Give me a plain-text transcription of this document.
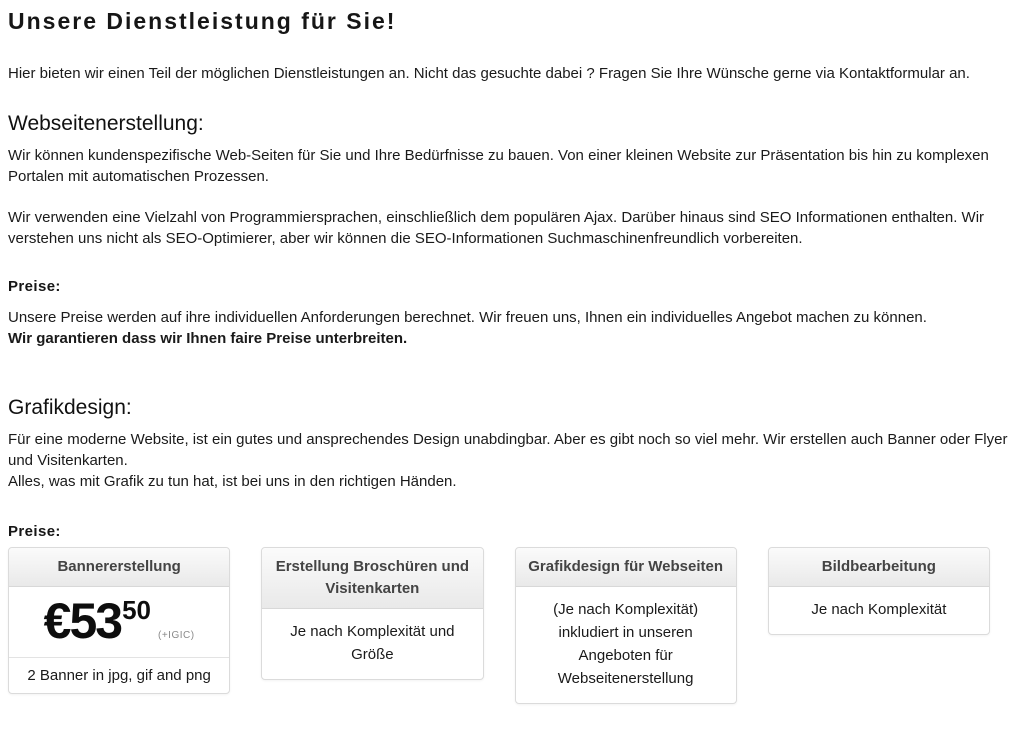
Unsere Dienstleistung für Sie!

Hier bieten wir einen Teil der möglichen Dienstleistungen an. Nicht das gesuchte dabei ? Fragen Sie Ihre Wünsche gerne via Kontaktformular an.

Webseitenerstellung:

Wir können kundenspezifische Web-Seiten für Sie und Ihre Bedürfnisse zu bauen. Von einer kleinen Website zur Präsentation bis hin zu komplexen Portalen mit automatischen Prozessen.

Wir verwenden eine Vielzahl von Programmiersprachen, einschließlich dem populären Ajax. Darüber hinaus sind SEO Informationen enthalten. Wir verstehen uns nicht als SEO-Optimierer, aber wir können die SEO-Informationen Suchmaschinenfreundlich vorbereiten.

Preise:

Unsere Preise werden auf ihre individuellen Anforderungen berechnet. Wir freuen uns, Ihnen ein individuelles Angebot machen zu können.
Wir garantieren dass wir Ihnen faire Preise unterbreiten.

Grafikdesign:

Für eine moderne Website, ist ein gutes und ansprechendes Design unabdingbar. Aber es gibt noch so viel mehr. Wir erstellen auch Banner oder Flyer und Visitenkarten.
Alles, was mit Grafik zu tun hat, ist bei uns in den richtigen Händen.

Preise:
Bannererstellung
€53 50
(+IGIC)
2 Banner in jpg, gif and png
Erstellung Broschüren und Visitenkarten
Je nach Komplexität und Größe
Grafikdesign für Webseiten
(Je nach Komplexität) inkludiert in unseren Angeboten für Webseitenerstellung
Bildbearbeitung
Je nach Komplexität
